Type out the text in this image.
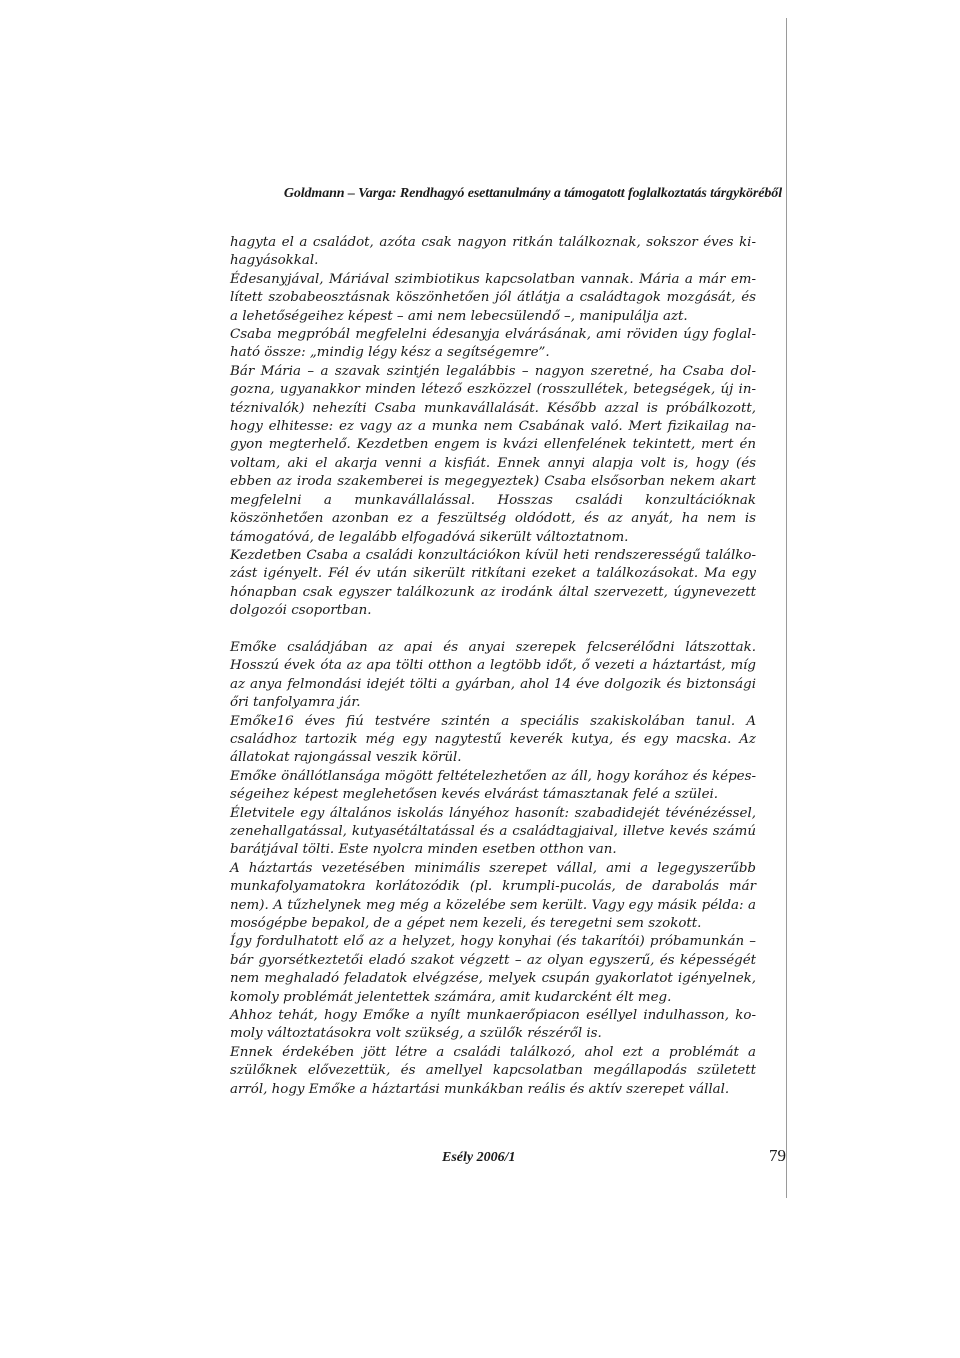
Goldmann – Varga: Rendhagyó esettanulmány a támogatott foglalkoztatás tárgyköréből

hagyta el a családot, azóta csak nagyon ritkán találkoznak, sokszor éves kihagyásokkal.

Édesanyjával, Máriával szimbiotikus kapcsolatban vannak. Mária a már említett szobabeosztásnak köszönhetően jól átlátja a családtagok mozgását, és a lehetőségeihez képest – ami nem lebecsülendő –, manipulálja azt.

Csaba megpróbál megfelelni édesanyja elvárásának, ami röviden úgy foglalható össze: „mindig légy kész a segítségemre”.

Bár Mária – a szavak szintjén legalábbis – nagyon szeretné, ha Csaba dolgozna, ugyanakkor minden létező eszközzel (rosszullétek, betegségek, új intéznivalók) nehezíti Csaba munkavállalását. Később azzal is próbálkozott, hogy elhitesse: ez vagy az a munka nem Csabának való. Mert fizikailag nagyon megterhelő. Kezdetben engem is kvázi ellenfelének tekintett, mert én voltam, aki el akarja venni a kisfiát. Ennek annyi alapja volt is, hogy (és ebben az iroda szakemberei is megegyeztek) Csaba elsősorban nekem akart megfelelni a munkavállalással. Hosszas családi konzultációknak köszönhetően azonban ez a feszültség oldódott, és az anyát, ha nem is támogatóvá, de legalább elfogadóvá sikerült változtatnom.

Kezdetben Csaba a családi konzultációkon kívül heti rendszerességű találkozást igényelt. Fél év után sikerült ritkítani ezeket a találkozásokat. Ma egy hónapban csak egyszer találkozunk az irodánk által szervezett, úgynevezett dolgozói csoportban.

Emőke családjában az apai és anyai szerepek felcserélődni látszottak. Hosszú évek óta az apa tölti otthon a legtöbb időt, ő vezeti a háztartást, míg az anya felmondási idejét tölti a gyárban, ahol 14 éve dolgozik és biztonsági őri tanfolyamra jár.

Emőke16 éves fiú testvére szintén a speciális szakiskolában tanul. A családhoz tartozik még egy nagytestű keverék kutya, és egy macska. Az állatokat rajongással veszik körül.

Emőke önállótlansága mögött feltételezhetően az áll, hogy korához és képességeihez képest meglehetősen kevés elvárást támasztanak felé a szülei.

Életvitele egy általános iskolás lányéhoz hasonít: szabadidejét tévénézéssel, zenehallgatással, kutyasétáltatással és a családtagjaival, illetve kevés számú barátjával tölti. Este nyolcra minden esetben otthon van.

A háztartás vezetésében minimális szerepet vállal, ami a legegyszerűbb munkafolyamatokra korlátozódik (pl. krumpli-pucolás, de darabolás már nem). A tűzhelynek meg még a közelébe sem került. Vagy egy másik példa: a mosógépbe bepakol, de a gépet nem kezeli, és teregetni sem szokott.

Így fordulhatott elő az a helyzet, hogy konyhai (és takarítói) próbamunkán – bár gyorsétkeztetői eladó szakot végzett – az olyan egyszerű, és képességét nem meghaladó feladatok elvégzése, melyek csupán gyakorlatot igényelnek, komoly problémát jelentettek számára, amit kudarcként élt meg.

Ahhoz tehát, hogy Emőke a nyílt munkaerőpiacon eséllyel indulhasson, komoly változtatásokra volt szükség, a szülők részéről is.

Ennek érdekében jött létre a családi találkozó, ahol ezt a problémát a szülőknek elővezettük, és amellyel kapcsolatban megállapodás született arról, hogy Emőke a háztartási munkákban reális és aktív szerepet vállal.

Esély 2006/1	79
